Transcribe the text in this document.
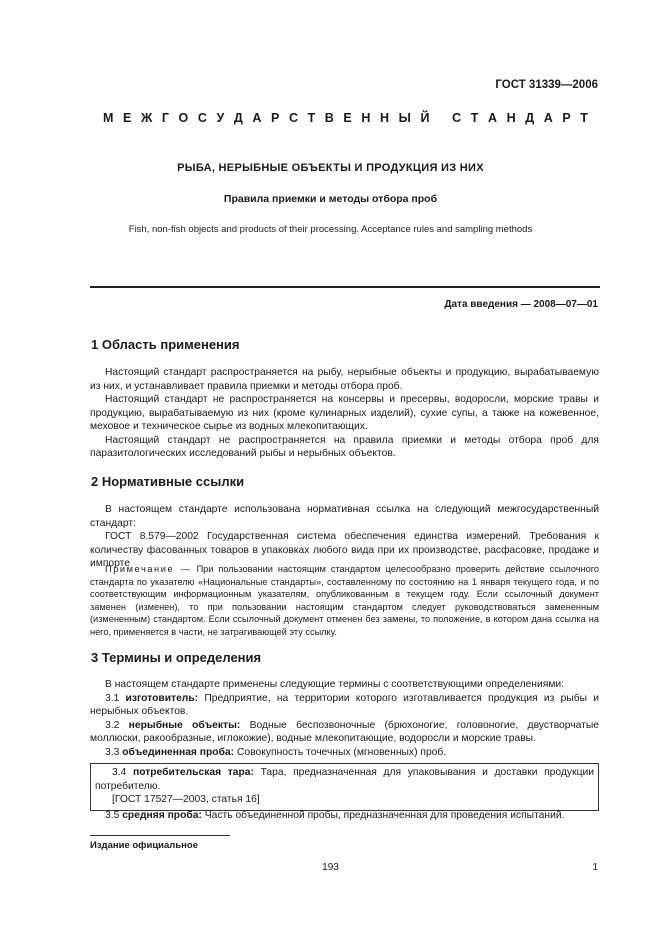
ГОСТ 31339—2006
М Е Ж Г О С У Д А Р С Т В Е Н Н Ы Й
С Т А Н Д А Р Т
РЫБА, НЕРЫБНЫЕ ОБЪЕКТЫ И ПРОДУКЦИЯ ИЗ НИХ
Правила приемки и методы отбора проб
Fish, non-fish objects and products of their processing. Acceptance rules and sampling methods
Дата введения — 2008—07—01
1 Область применения

Настоящий стандарт распространяется на рыбу, нерыбные объекты и продукцию, вырабатываемую из них, и устанавливает правила приемки и методы отбора проб.

Настоящий стандарт не распространяется на консервы и пресервы, водоросли, морские травы и продукцию, вырабатываемую из них (кроме кулинарных изделий), сухие супы, а также на кожевенное, меховое и техническое сырье из водных млекопитающих.

Настоящий стандарт не распространяется на правила приемки и методы отбора проб для паразитологических исследований рыбы и нерыбных объектов.

2 Нормативные ссылки

В настоящем стандарте использована нормативная ссылка на следующий межгосударственный стандарт:

ГОСТ 8.579—2002 Государственная система обеспечения единства измерений. Требования к количеству фасованных товаров в упаковках любого вида при их производстве, расфасовке, продаже и импорте

Примечание — При пользовании настоящим стандартом целесообразно проверить действие ссылочного стандарта по указателю «Национальные стандарты», составленному по состоянию на 1 января текущего года, и по соответствующим информационным указателям, опубликованным в текущем году. Если ссылочный документ заменен (изменен), то при пользовании настоящим стандартом следует руководствоваться замененным (измененным) стандартом. Если ссылочный документ отменен без замены, то положение, в котором дана ссылка на него, применяется в части, не затрагивающей эту ссылку.

3 Термины и определения

В настоящем стандарте применены следующие термины с соответствующими определениями:

3.1 изготовитель: Предприятие, на территории которого изготавливается продукция из рыбы и нерыбных объектов.

3.2 нерыбные объекты: Водные беспозвоночные (брюхоногие, головоногие, двустворчатые моллюски, ракообразные, иглокожие), водные млекопитающие, водоросли и морские травы.

3.3 объединенная проба: Совокупность точечных (мгновенных) проб.

3.4 потребительская тара: Тара, предназначенная для упаковывания и доставки продукции потребителю.

[ГОСТ 17527—2003, статья 16]

3.5 средняя проба: Часть объединенной пробы, предназначенная для проведения испытаний.

Издание официальное
193	1
